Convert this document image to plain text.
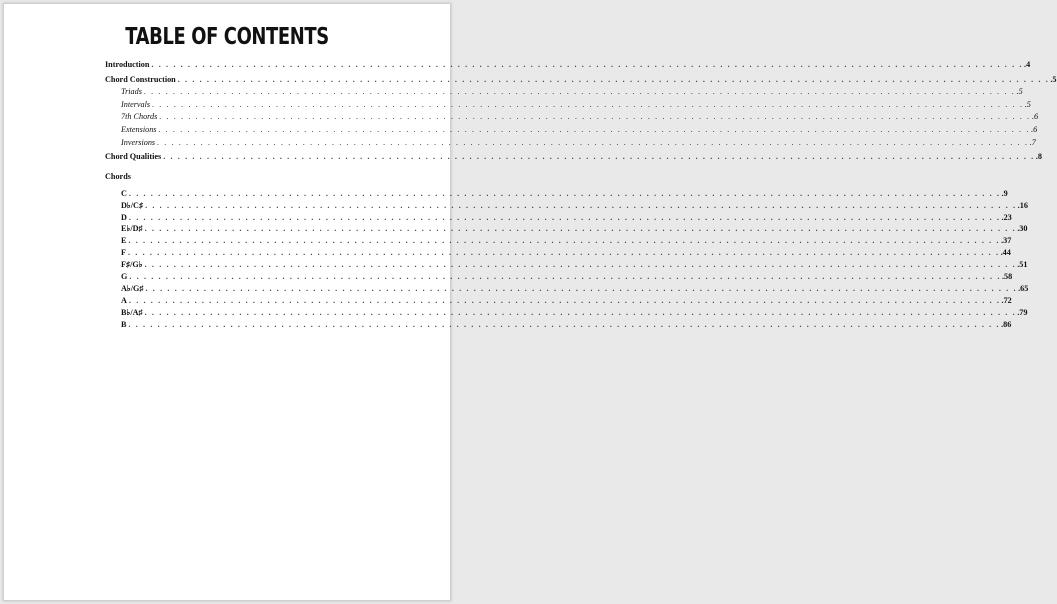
TABLE OF CONTENTS
Introduction . . . . . . . . . . . . . . . . . . . . . . . . . . . . . . . . . . . . . . . . . . . . . . . . . . . . . . . . . . . . . . . . . . . . . . . . . . . . . . . . . . . . . . . . . . . . . . . . . . . . . . . . . . . . . . . . . . . . . . . . .4
Chord Construction . . . . . . . . . . . . . . . . . . . . . . . . . . . . . . . . . . . . . . . . . . . . . . . . . . . . . . . . . . . . . . . . . . . . . . . . . . . . . . . . . . . . . . . . . . . . . . . . . . . . . . . . . . . . . . . . . . . . . . . . .5
Triads . . . . . . . . . . . . . . . . . . . . . . . . . . . . . . . . . . . . . . . . . . . . . . . . . . . . . . . . . . . . . . . . . . . . . . . . . . . . . . . . . . . . . . . . . . . . . . . . . . . . . . . . . . . . . . . . . . . . . . . . .5
Intervals . . . . . . . . . . . . . . . . . . . . . . . . . . . . . . . . . . . . . . . . . . . . . . . . . . . . . . . . . . . . . . . . . . . . . . . . . . . . . . . . . . . . . . . . . . . . . . . . . . . . . . . . . . . . . . . . . . . . . . . . .5
7th Chords . . . . . . . . . . . . . . . . . . . . . . . . . . . . . . . . . . . . . . . . . . . . . . . . . . . . . . . . . . . . . . . . . . . . . . . . . . . . . . . . . . . . . . . . . . . . . . . . . . . . . . . . . . . . . . . . . . . . . . . . .6
Extensions . . . . . . . . . . . . . . . . . . . . . . . . . . . . . . . . . . . . . . . . . . . . . . . . . . . . . . . . . . . . . . . . . . . . . . . . . . . . . . . . . . . . . . . . . . . . . . . . . . . . . . . . . . . . . . . . . . . . . . . . .6
Inversions . . . . . . . . . . . . . . . . . . . . . . . . . . . . . . . . . . . . . . . . . . . . . . . . . . . . . . . . . . . . . . . . . . . . . . . . . . . . . . . . . . . . . . . . . . . . . . . . . . . . . . . . . . . . . . . . . . . . . . . . .7
Chord Qualities . . . . . . . . . . . . . . . . . . . . . . . . . . . . . . . . . . . . . . . . . . . . . . . . . . . . . . . . . . . . . . . . . . . . . . . . . . . . . . . . . . . . . . . . . . . . . . . . . . . . . . . . . . . . . . . . . . . . . . . . .8
Chords
C . . . . . . . . . . . . . . . . . . . . . . . . . . . . . . . . . . . . . . . . . . . . . . . . . . . . . . . . . . . . . . . . . . . . . . . . . . . . . . . . . . . . . . . . . . . . . . . . . . . . . . . . . . . . . . . . . . . . . . . . .9
D♭/C♯ . . . . . . . . . . . . . . . . . . . . . . . . . . . . . . . . . . . . . . . . . . . . . . . . . . . . . . . . . . . . . . . . . . . . . . . . . . . . . . . . . . . . . . . . . . . . . . . . . . . . . . . . . . . . . . . . . . . . . . . . .16
D . . . . . . . . . . . . . . . . . . . . . . . . . . . . . . . . . . . . . . . . . . . . . . . . . . . . . . . . . . . . . . . . . . . . . . . . . . . . . . . . . . . . . . . . . . . . . . . . . . . . . . . . . . . . . . . . . . . . . . . . .23
E♭/D♯ . . . . . . . . . . . . . . . . . . . . . . . . . . . . . . . . . . . . . . . . . . . . . . . . . . . . . . . . . . . . . . . . . . . . . . . . . . . . . . . . . . . . . . . . . . . . . . . . . . . . . . . . . . . . . . . . . . . . . . . . .30
E . . . . . . . . . . . . . . . . . . . . . . . . . . . . . . . . . . . . . . . . . . . . . . . . . . . . . . . . . . . . . . . . . . . . . . . . . . . . . . . . . . . . . . . . . . . . . . . . . . . . . . . . . . . . . . . . . . . . . . . . .37
F . . . . . . . . . . . . . . . . . . . . . . . . . . . . . . . . . . . . . . . . . . . . . . . . . . . . . . . . . . . . . . . . . . . . . . . . . . . . . . . . . . . . . . . . . . . . . . . . . . . . . . . . . . . . . . . . . . . . . . . . .44
F♯/G♭ . . . . . . . . . . . . . . . . . . . . . . . . . . . . . . . . . . . . . . . . . . . . . . . . . . . . . . . . . . . . . . . . . . . . . . . . . . . . . . . . . . . . . . . . . . . . . . . . . . . . . . . . . . . . . . . . . . . . . . . . .51
G . . . . . . . . . . . . . . . . . . . . . . . . . . . . . . . . . . . . . . . . . . . . . . . . . . . . . . . . . . . . . . . . . . . . . . . . . . . . . . . . . . . . . . . . . . . . . . . . . . . . . . . . . . . . . . . . . . . . . . . . .58
A♭/G♯ . . . . . . . . . . . . . . . . . . . . . . . . . . . . . . . . . . . . . . . . . . . . . . . . . . . . . . . . . . . . . . . . . . . . . . . . . . . . . . . . . . . . . . . . . . . . . . . . . . . . . . . . . . . . . . . . . . . . . . . . .65
A . . . . . . . . . . . . . . . . . . . . . . . . . . . . . . . . . . . . . . . . . . . . . . . . . . . . . . . . . . . . . . . . . . . . . . . . . . . . . . . . . . . . . . . . . . . . . . . . . . . . . . . . . . . . . . . . . . . . . . . . .72
B♭/A♯ . . . . . . . . . . . . . . . . . . . . . . . . . . . . . . . . . . . . . . . . . . . . . . . . . . . . . . . . . . . . . . . . . . . . . . . . . . . . . . . . . . . . . . . . . . . . . . . . . . . . . . . . . . . . . . . . . . . . . . . . .79
B . . . . . . . . . . . . . . . . . . . . . . . . . . . . . . . . . . . . . . . . . . . . . . . . . . . . . . . . . . . . . . . . . . . . . . . . . . . . . . . . . . . . . . . . . . . . . . . . . . . . . . . . . . . . . . . . . . . . . . . . .86
